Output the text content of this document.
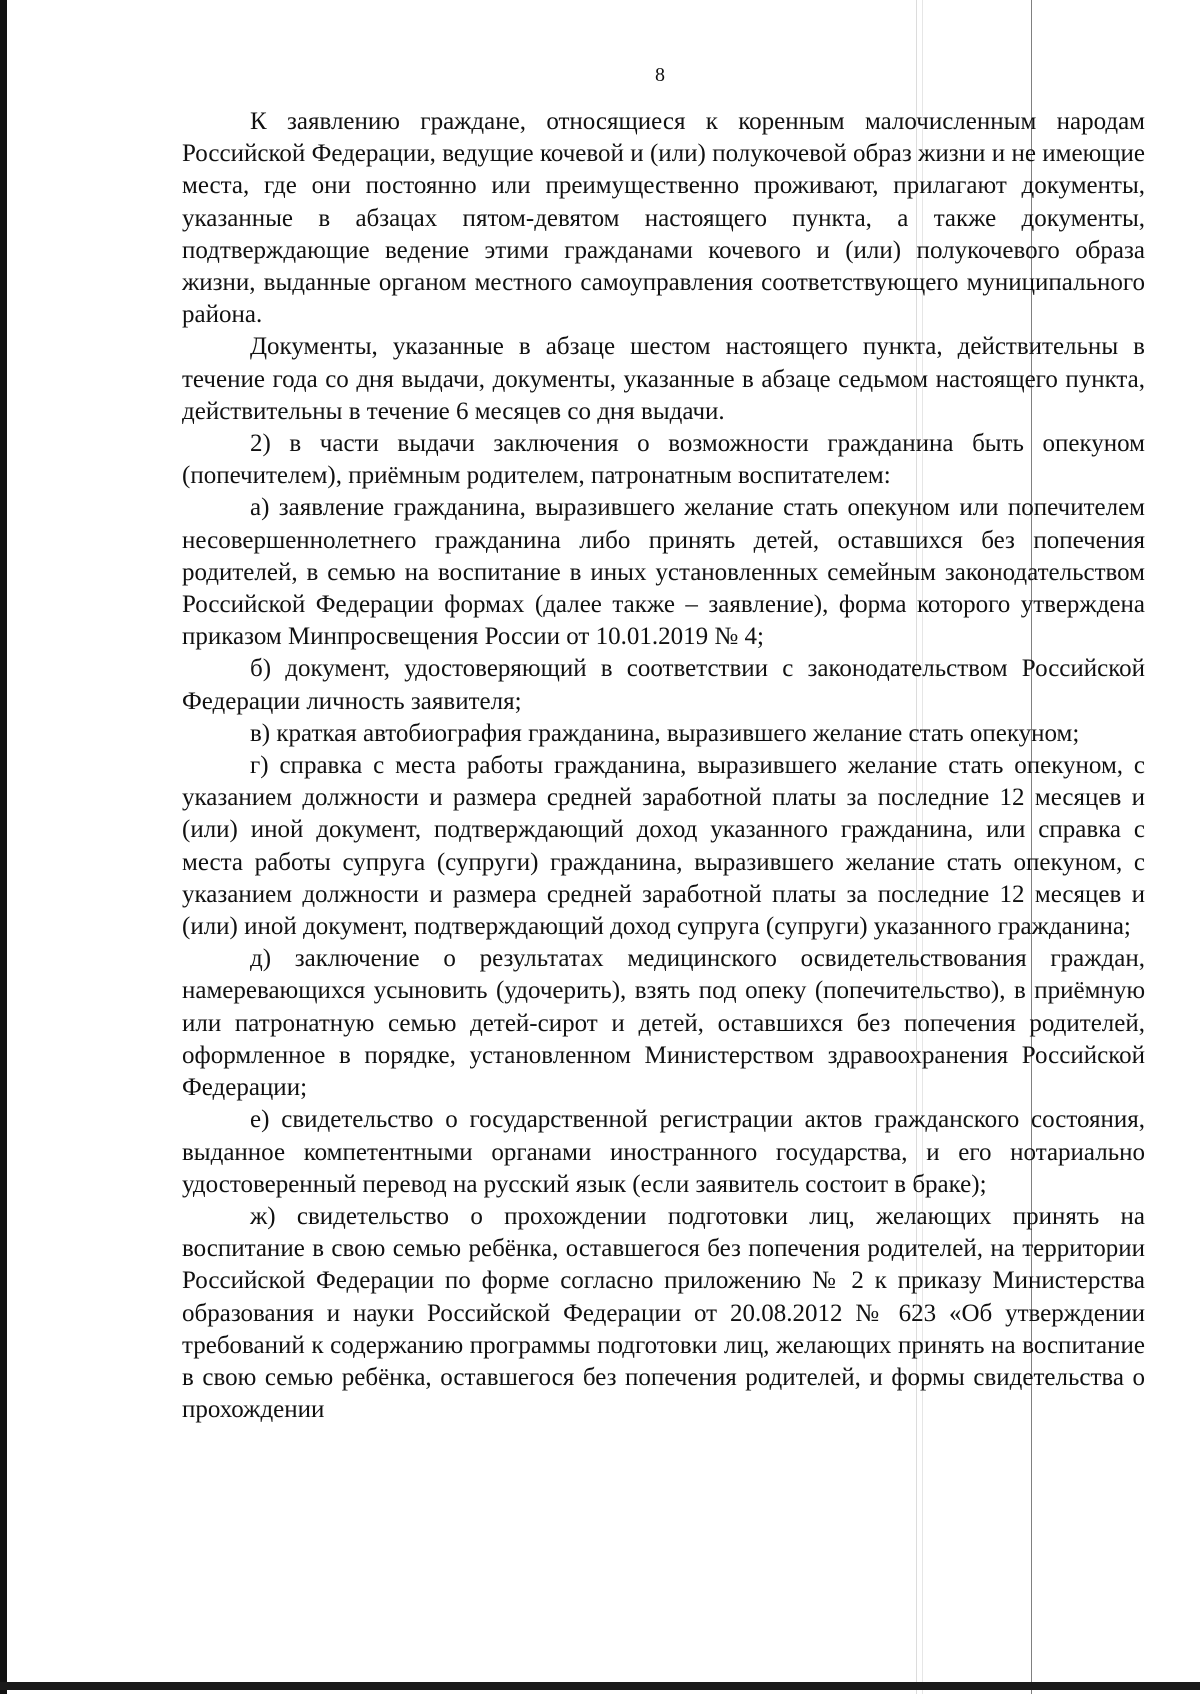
8

К заявлению граждане, относящиеся к коренным малочисленным народам Российской Федерации, ведущие кочевой и (или) полукочевой образ жизни и не имеющие места, где они постоянно или преимущественно проживают, прилагают документы, указанные в абзацах пятом-девятом настоящего пункта, а также документы, подтверждающие ведение этими гражданами кочевого и (или) полукочевого образа жизни, выданные органом местного самоуправления соответствующего муниципального района.

Документы, указанные в абзаце шестом настоящего пункта, действительны в течение года со дня выдачи, документы, указанные в абзаце седьмом настоящего пункта, действительны в течение 6 месяцев со дня выдачи.

2) в части выдачи заключения о возможности гражданина быть опекуном (попечителем), приёмным родителем, патронатным воспитателем:

а) заявление гражданина, выразившего желание стать опекуном или попечителем несовершеннолетнего гражданина либо принять детей, оставшихся без попечения родителей, в семью на воспитание в иных установленных семейным законодательством Российской Федерации формах (далее также – заявление), форма которого утверждена приказом Минпросвещения России от 10.01.2019 № 4;

б) документ, удостоверяющий в соответствии с законодательством Российской Федерации личность заявителя;

в) краткая автобиография гражданина, выразившего желание стать опекуном;

г) справка с места работы гражданина, выразившего желание стать опекуном, с указанием должности и размера средней заработной платы за последние 12 месяцев и (или) иной документ, подтверждающий доход указанного гражданина, или справка с места работы супруга (супруги) гражданина, выразившего желание стать опекуном, с указанием должности и размера средней заработной платы за последние 12 месяцев и (или) иной документ, подтверждающий доход супруга (супруги) указанного гражданина;

д) заключение о результатах медицинского освидетельствования граждан, намеревающихся усыновить (удочерить), взять под опеку (попечительство), в приёмную или патронатную семью детей-сирот и детей, оставшихся без попечения родителей, оформленное в порядке, установленном Министерством здравоохранения Российской Федерации;

е) свидетельство о государственной регистрации актов гражданского состояния, выданное компетентными органами иностранного государства, и его нотариально удостоверенный перевод на русский язык (если заявитель состоит в браке);

ж) свидетельство о прохождении подготовки лиц, желающих принять на воспитание в свою семью ребёнка, оставшегося без попечения родителей, на территории Российской Федерации по форме согласно приложению № 2 к приказу Министерства образования и науки Российской Федерации от 20.08.2012 № 623 «Об утверждении требований к содержанию программы подготовки лиц, желающих принять на воспитание в свою семью ребёнка, оставшегося без попечения родителей, и формы свидетельства о прохождении
